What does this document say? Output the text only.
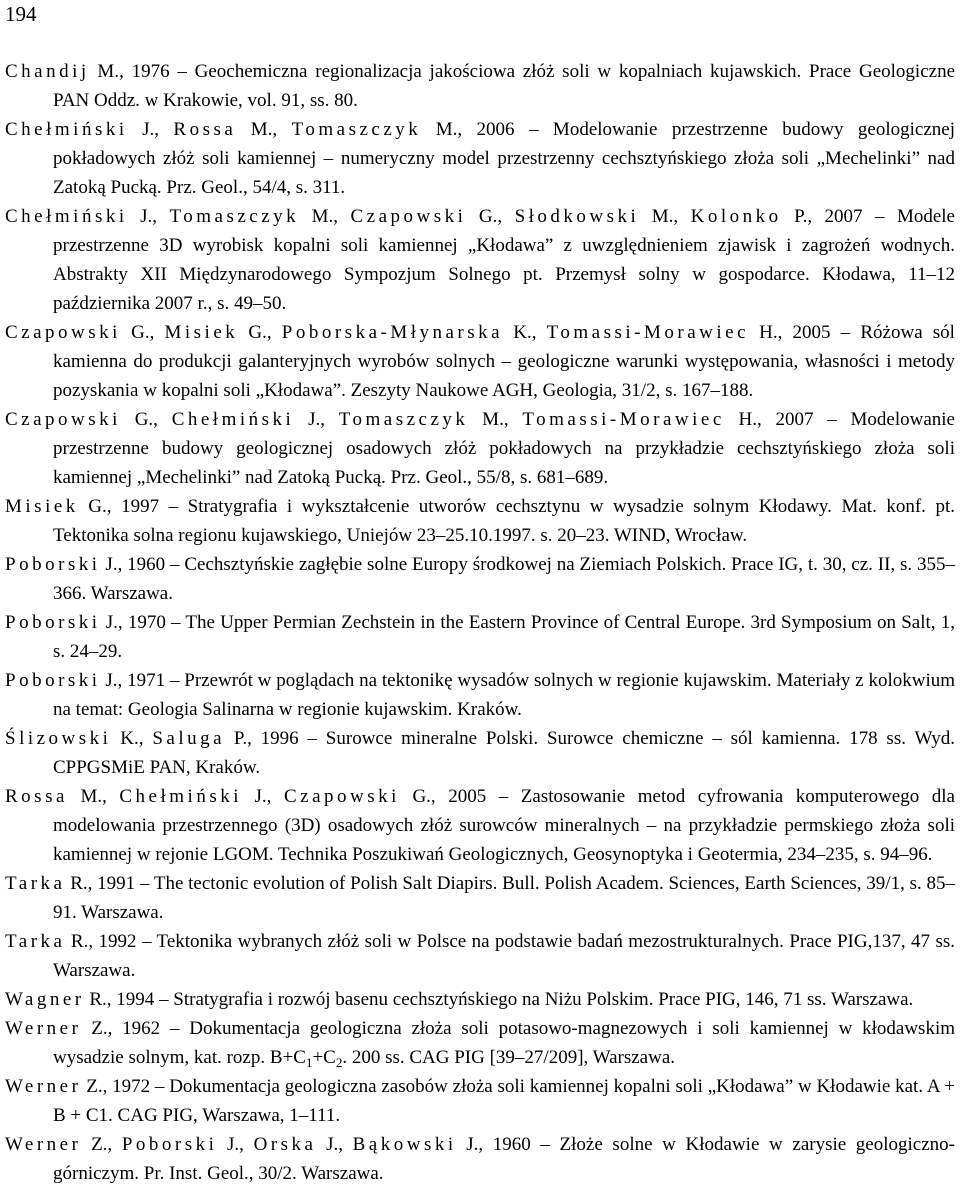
194
Chandij M., 1976 – Geochemiczna regionalizacja jakościowa złóż soli w kopalniach kujawskich. Prace Geologiczne PAN Oddz. w Krakowie, vol. 91, ss. 80.
Chełmiński J., Rossa M., Tomaszczyk M., 2006 – Modelowanie przestrzenne budowy geologicznej pokładowych złóż soli kamiennej – numeryczny model przestrzenny cechsztyńskiego złoża soli „Mechelinki” nad Zatoką Pucką. Prz. Geol., 54/4, s. 311.
Chełmiński J., Tomaszczyk M., Czapowski G., Słodkowski M., Kolonko P., 2007 – Modele przestrzenne 3D wyrobisk kopalni soli kamiennej „Kłodawa” z uwzględnieniem zjawisk i zagrożeń wodnych. Abstrakty XII Międzynarodowego Sympozjum Solnego pt. Przemysł solny w gospodarce. Kłodawa, 11–12 października 2007 r., s. 49–50.
Czapowski G., Misiek G., Poborska-Młynarska K., Tomassi-Morawiec H., 2005 – Różowa sól kamienna do produkcji galanteryjnych wyrobów solnych – geologiczne warunki występowania, własności i metody pozyskania w kopalni soli „Kłodawa”. Zeszyty Naukowe AGH, Geologia, 31/2, s. 167–188.
Czapowski G., Chełmiński J., Tomaszczyk M., Tomassi-Morawiec H., 2007 – Modelowanie przestrzenne budowy geologicznej osadowych złóż pokładowych na przykładzie cechsztyńskiego złoża soli kamiennej „Mechelinki” nad Zatoką Pucką. Prz. Geol., 55/8, s. 681–689.
Misiek G., 1997 – Stratygrafia i wykształcenie utworów cechsztynu w wysadzie solnym Kłodawy. Mat. konf. pt. Tektonika solna regionu kujawskiego, Uniejów 23–25.10.1997. s. 20–23. WIND, Wrocław.
Poborski J., 1960 – Cechsztyńskie zagłębie solne Europy środkowej na Ziemiach Polskich. Prace IG, t. 30, cz. II, s. 355–366. Warszawa.
Poborski J., 1970 – The Upper Permian Zechstein in the Eastern Province of Central Europe. 3rd Symposium on Salt, 1, s. 24–29.
Poborski J., 1971 – Przewrót w poglądach na tektonikę wysadów solnych w regionie kujawskim. Materiały z kolokwium na temat: Geologia Salinarna w regionie kujawskim. Kraków.
Ślizowski K., Saluga P., 1996 – Surowce mineralne Polski. Surowce chemiczne – sól kamienna. 178 ss. Wyd. CPPGSMiE PAN, Kraków.
Rossa M., Chełmiński J., Czapowski G., 2005 – Zastosowanie metod cyfrowania komputerowego dla modelowania przestrzennego (3D) osadowych złóż surowców mineralnych – na przykładzie permskiego złoża soli kamiennej w rejonie LGOM. Technika Poszukiwań Geologicznych, Geosynoptyka i Geotermia, 234–235, s. 94–96.
Tarka R., 1991 – The tectonic evolution of Polish Salt Diapirs. Bull. Polish Academ. Sciences, Earth Sciences, 39/1, s. 85–91. Warszawa.
Tarka R., 1992 – Tektonika wybranych złóż soli w Polsce na podstawie badań mezostrukturalnych. Prace PIG,137, 47 ss. Warszawa.
Wagner R., 1994 – Stratygrafia i rozwój basenu cechsztyńskiego na Niżu Polskim. Prace PIG, 146, 71 ss. Warszawa.
Werner Z., 1962 – Dokumentacja geologiczna złoża soli potasowo-magnezowych i soli kamiennej w kłodawskim wysadzie solnym, kat. rozp. $B+C_1+C_2$. 200 ss. CAG PIG [39–27/209], Warszawa.
Werner Z., 1972 – Dokumentacja geologiczna zasobów złoża soli kamiennej kopalni soli „Kłodawa” w Kłodawie kat. A + B + C1. CAG PIG, Warszawa, 1–111.
Werner Z., Poborski J., Orska J., Bąkowski J., 1960 – Złoże solne w Kłodawie w zarysie geologiczno-górniczym. Pr. Inst. Geol., 30/2. Warszawa.
